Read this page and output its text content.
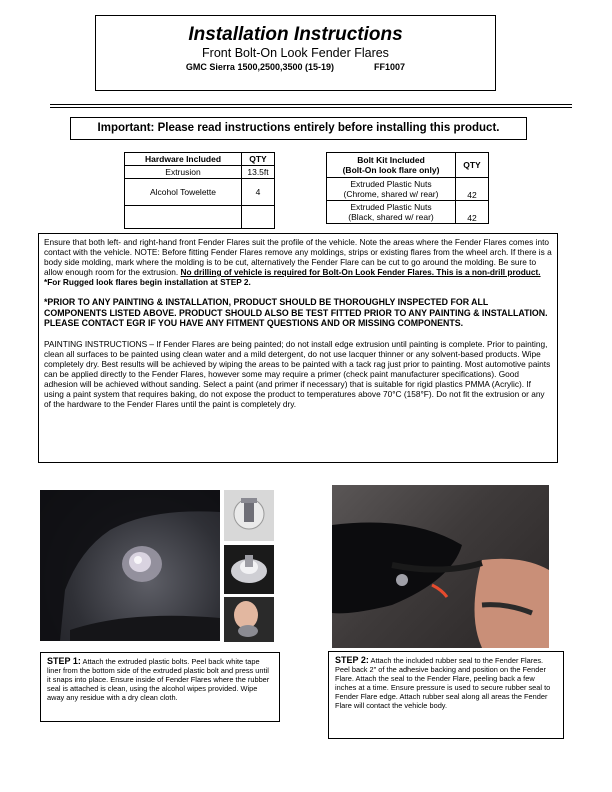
Installation Instructions
Front Bolt-On Look Fender Flares
GMC Sierra 1500,2500,3500 (15-19)	FF1007
Important: Please read instructions entirely before installing this product.
Hardware Included	QTY
Extrusion	13.5ft
Alcohol Towelette	4

Bolt Kit Included
(Bolt-On look flare only)	QTY
Extruded Plastic Nuts
(Chrome, shared w/ rear)	42
Extruded Plastic Nuts
(Black, shared w/ rear)	42

Ensure that both left- and right-hand front Fender Flares suit the profile of the vehicle. Note the areas where the Fender Flares comes into contact with the vehicle. NOTE: Before fitting Fender Flares remove any moldings, strips or existing flares from the wheel arch. If there is a body side molding, mark where the molding is to be cut, alternatively the Fender Flare can be cut to go around the molding. Be sure to allow enough room for the extrusion. No drilling of vehicle is required for Bolt-On Look Fender Flares. This is a non-drill product.

*For Rugged look flares begin installation at STEP 2.

*PRIOR TO ANY PAINTING & INSTALLATION, PRODUCT SHOULD BE THOROUGHLY INSPECTED FOR ALL COMPONENTS LISTED ABOVE. PRODUCT SHOULD ALSO BE TEST FITTED PRIOR TO ANY PAINTING & INSTALLATION. PLEASE CONTACT EGR IF YOU HAVE ANY FITMENT QUESTIONS AND OR MISSING COMPONENTS.

PAINTING INSTRUCTIONS – If Fender Flares are being painted; do not install edge extrusion until painting is complete. Prior to painting, clean all surfaces to be painted using clean water and a mild detergent, do not use lacquer thinner or any solvent-based products. Wipe completely dry. Best results will be achieved by wiping the areas to be painted with a tack rag just prior to painting. Most automotive paints can be applied directly to the Fender Flares, however some may require a primer (check paint manufacturer specifications). Good adhesion will be achieved without sanding. Select a paint (and primer if necessary) that is suitable for rigid plastics PMMA (Acrylic). If using a paint system that requires baking, do not expose the product to temperatures above 70°C (158°F). Do not fit the extrusion or any of the hardware to the Fender Flares until the paint is completely dry.

STEP 1: Attach the extruded plastic bolts. Peel back white tape liner from the bottom side of the extruded plastic bolt and press until it snaps into place. Ensure inside of Fender Flares where the rubber seal is attached is clean, using the alcohol wipes provided. Wipe away any residue with a dry clean cloth.
STEP 2: Attach the included rubber seal to the Fender Flares. Peel back 2" of the adhesive backing and position on the Fender Flare. Attach the seal to the Fender Flare, peeling back a few inches at a time. Ensure pressure is used to secure rubber seal to Fender Flare edge. Attach rubber seal along all areas the Fender Flare will contact the vehicle body.
